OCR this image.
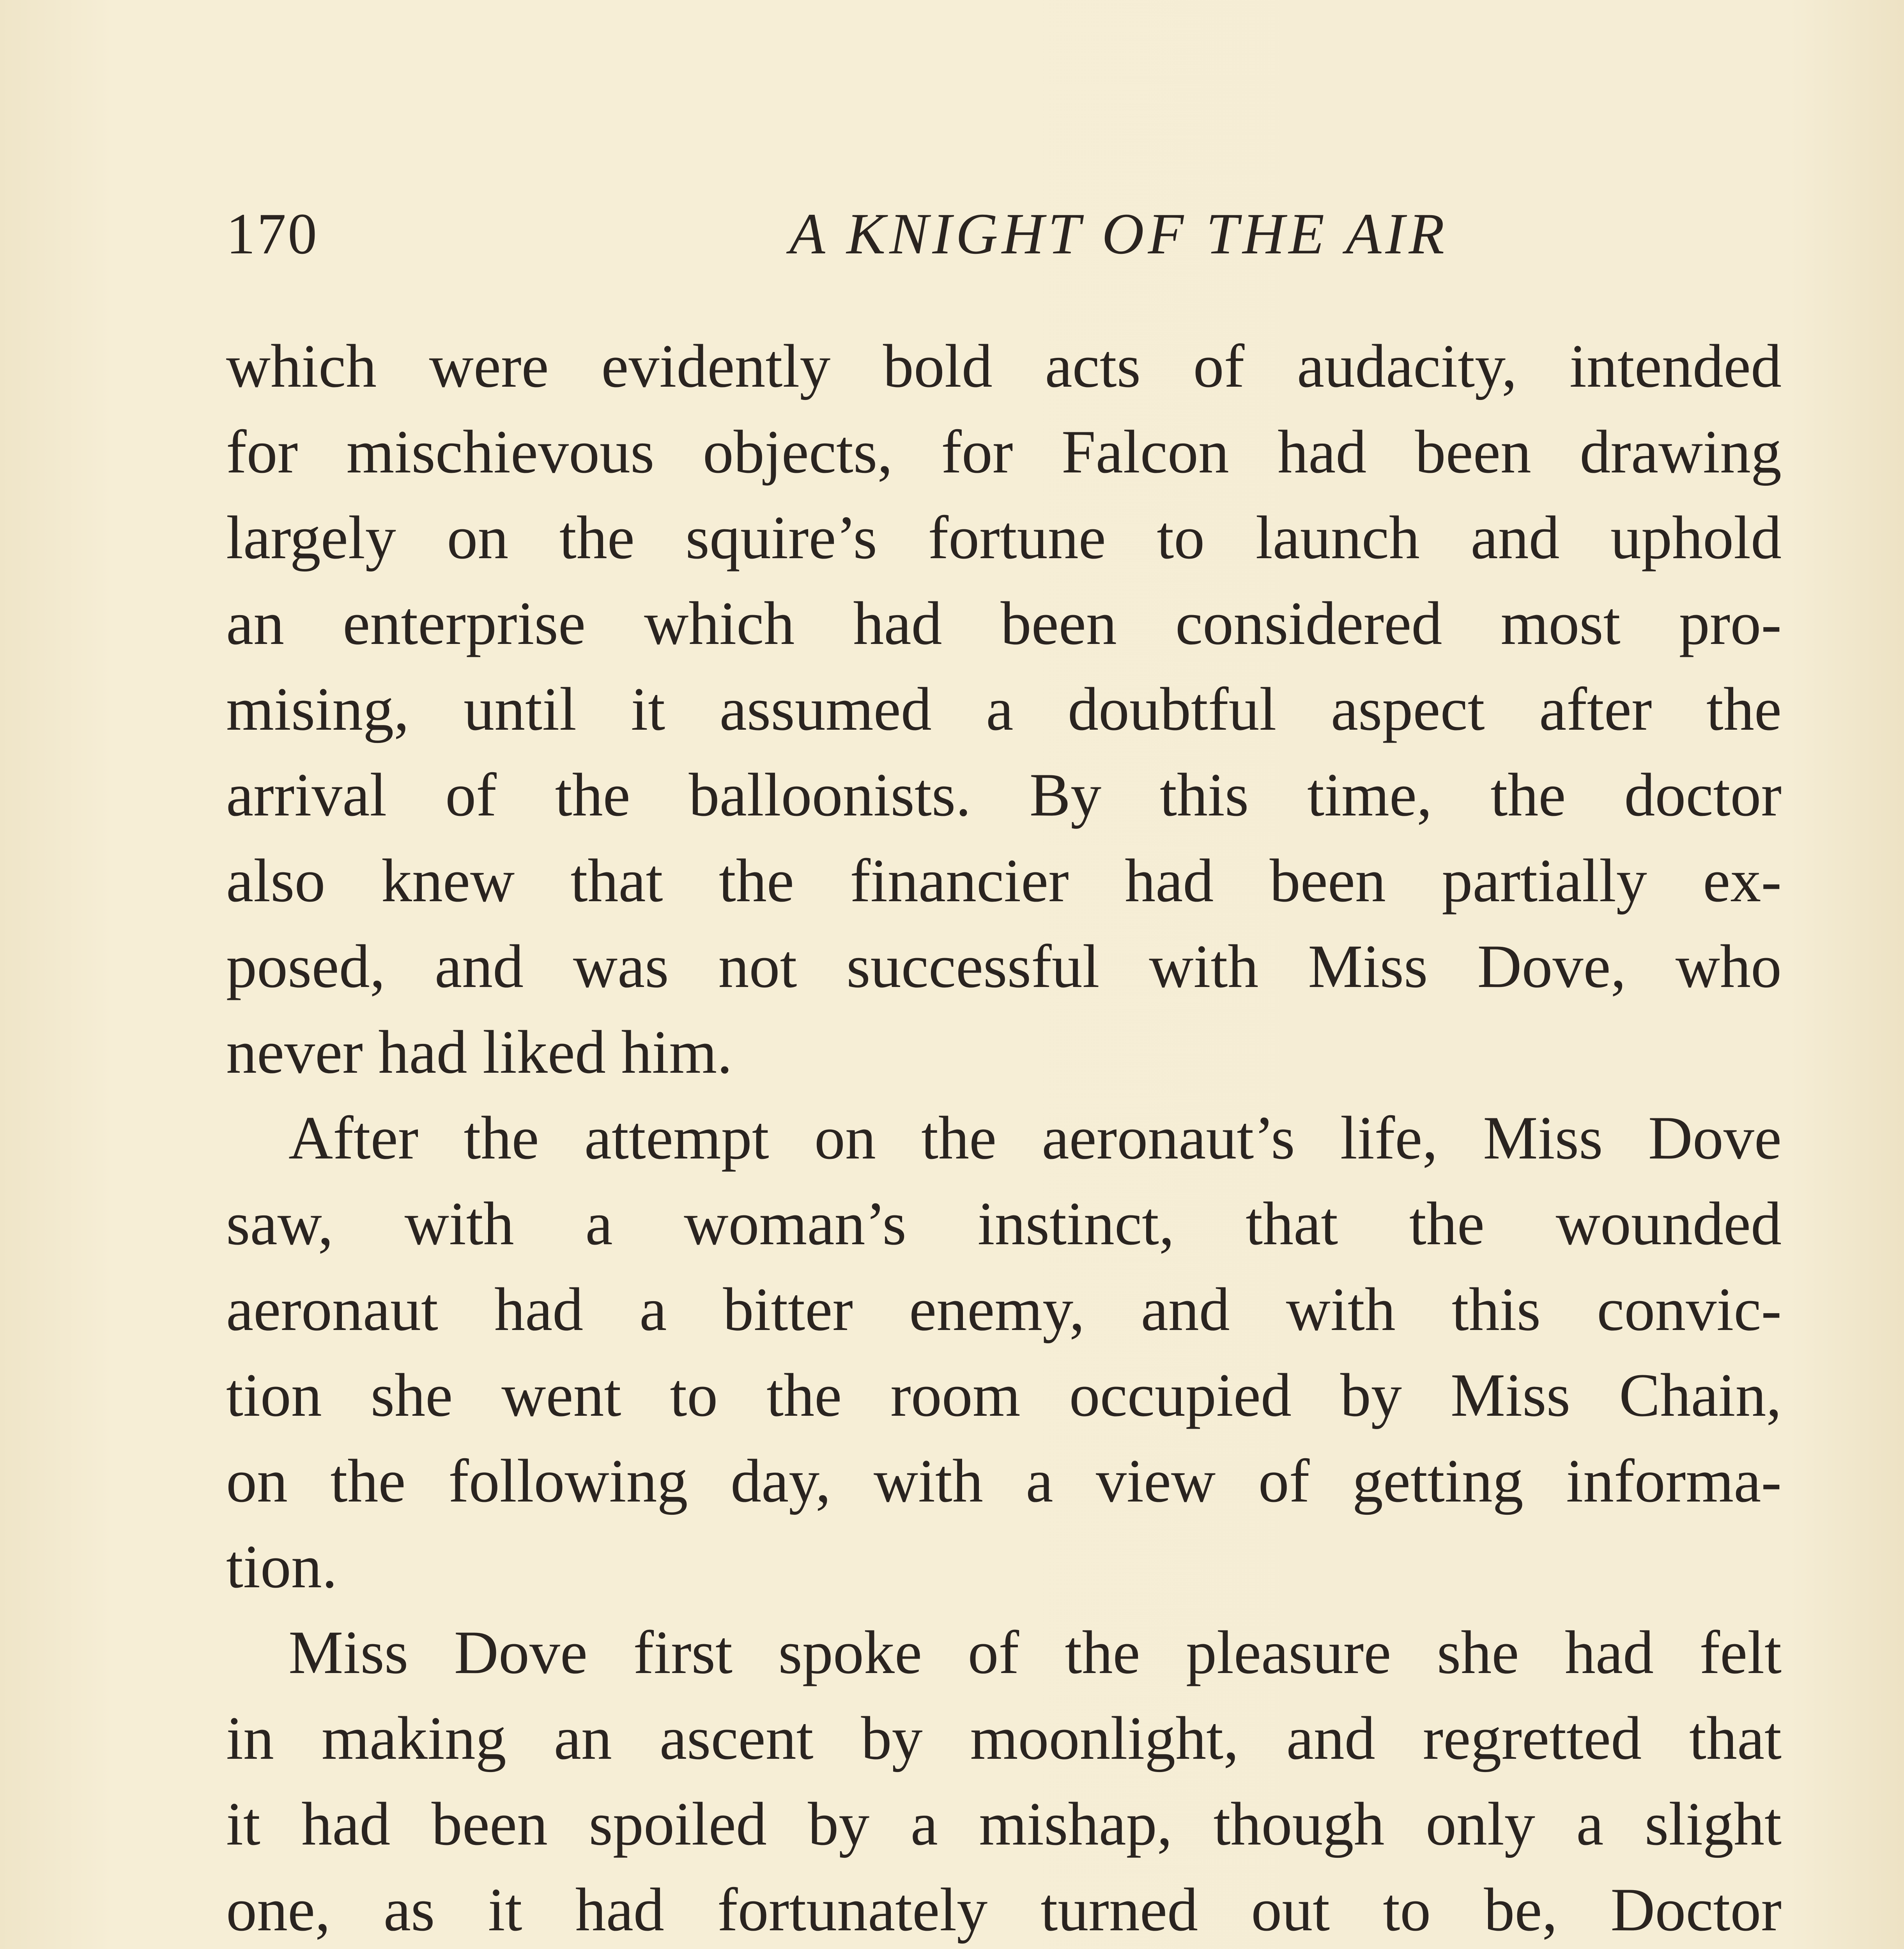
170	A KNIGHT OF THE AIR
which were evidently bold acts of audacity, intended
for mischievous objects, for Falcon had been drawing
largely on the squire’s fortune to launch and uphold
an enterprise which had been considered most pro-
mising, until it assumed a doubtful aspect after the
arrival of the balloonists. By this time, the doctor
also knew that the financier had been partially ex-
posed, and was not successful with Miss Dove, who
never had liked him.
After the attempt on the aeronaut’s life, Miss Dove
saw, with a woman’s instinct, that the wounded
aeronaut had a bitter enemy, and with this convic-
tion she went to the room occupied by Miss Chain,
on the following day, with a view of getting informa-
tion.
Miss Dove first spoke of the pleasure she had felt
in making an ascent by moonlight, and regretted that
it had been spoiled by a mishap, though only a slight
one, as it had fortunately turned out to be, Doctor
